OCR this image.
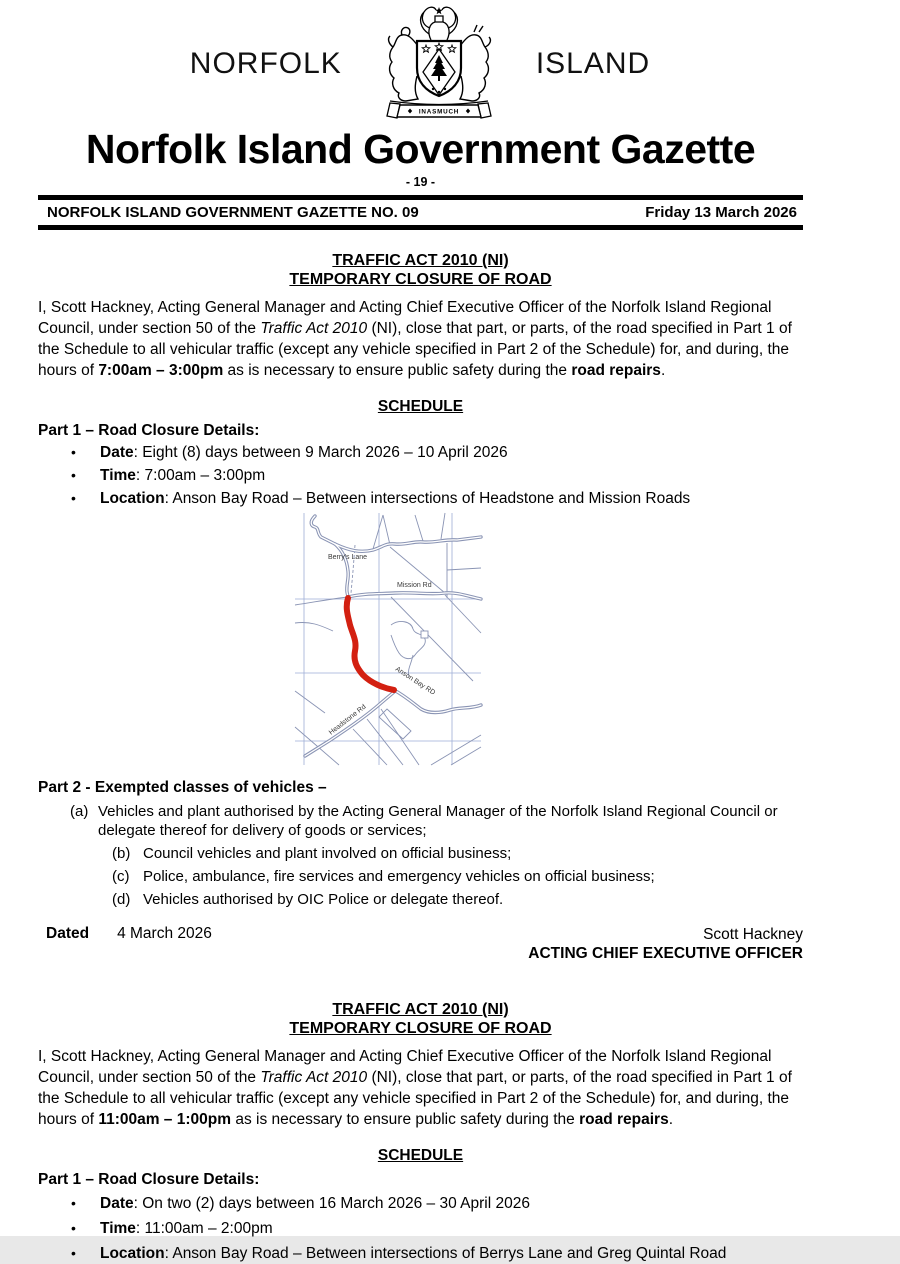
NORFOLK
INASMUCH
ISLAND
Norfolk Island Government Gazette
- 19 -
NORFOLK ISLAND GOVERNMENT GAZETTE NO. 09	Friday 13 March 2026
TRAFFIC ACT 2010 (NI)
TEMPORARY CLOSURE OF ROAD
I, Scott Hackney, Acting General Manager and Acting Chief Executive Officer of the Norfolk Island Regional Council, under section 50 of the Traffic Act 2010 (NI), close that part, or parts, of the road specified in Part 1 of the Schedule to all vehicular traffic (except any vehicle specified in Part 2 of the Schedule) for, and during, the hours of 7:00am – 3:00pm as is necessary to ensure public safety during the road repairs.
SCHEDULE
Part 1 – Road Closure Details:
•	Date: Eight (8) days between 9 March 2026 – 10 April 2026
•	Time: 7:00am – 3:00pm
•	Location: Anson Bay Road – Between intersections of Headstone and Mission Roads
Berry's Lane
Mission Rd
Anson Bay RD
Headstone Rd
Part 2 - Exempted classes of vehicles –
(a) Vehicles and plant authorised by the Acting General Manager of the Norfolk Island Regional Council or delegate thereof for delivery of goods or services;
(b) Council vehicles and plant involved on official business;
(c) Police, ambulance, fire services and emergency vehicles on official business;
(d) Vehicles authorised by OIC Police or delegate thereof.
Dated 4 March 2026	Scott Hackney
ACTING CHIEF EXECUTIVE OFFICER
TRAFFIC ACT 2010 (NI)
TEMPORARY CLOSURE OF ROAD
I, Scott Hackney, Acting General Manager and Acting Chief Executive Officer of the Norfolk Island Regional Council, under section 50 of the Traffic Act 2010 (NI), close that part, or parts, of the road specified in Part 1 of the Schedule to all vehicular traffic (except any vehicle specified in Part 2 of the Schedule) for, and during, the hours of 11:00am – 1:00pm as is necessary to ensure public safety during the road repairs.
SCHEDULE
Part 1 – Road Closure Details:
•	Date: On two (2) days between 16 March 2026 – 30 April 2026
•	Time: 11:00am – 2:00pm
•	Location: Anson Bay Road – Between intersections of Berrys Lane and Greg Quintal Road
